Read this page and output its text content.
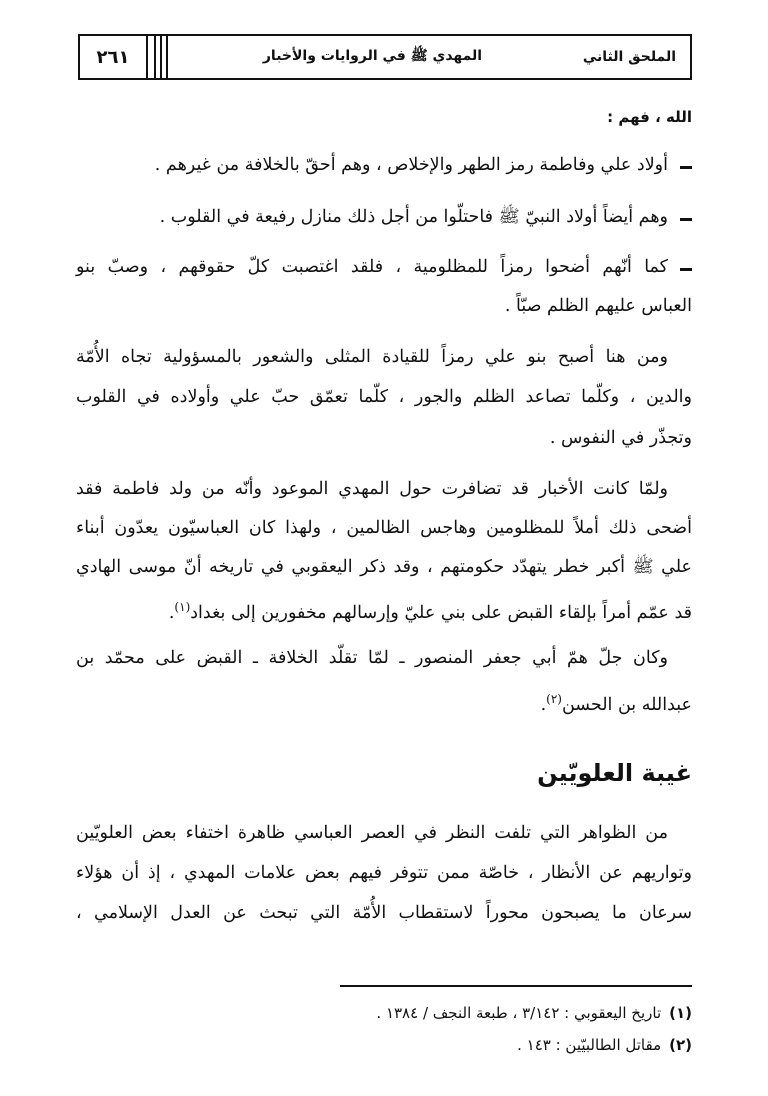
٢٦١	المهدي ﷺ في الروايات والأخبار	الملحق الثاني
الله ، فهم :
أولاد علي وفاطمة رمز الطهر والإخلاص ، وهم أحقّ بالخلافة من غيرهم .
وهم أيضاً أولاد النبيّ ﷺ فاحتلّوا من أجل ذلك منازل رفيعة في القلوب .
كما أنّهم أضحوا رمزاً للمظلومية ، فلقد اغتصبت كلّ حقوقهم ، وصبّ بنو
العباس عليهم الظلم صبّاً .
ومن هنا أصبح بنو علي رمزاً للقيادة المثلى والشعور بالمسؤولية تجاه الأُمّة
والدين ، وكلّما تصاعد الظلم والجور ، كلّما تعمّق حبّ علي وأولاده في القلوب
وتجذّر في النفوس .
ولمّا كانت الأخبار قد تضافرت حول المهدي الموعود وأنّه من ولد فاطمة فقد
أضحى ذلك أملاً للمظلومين وهاجس الظالمين ، ولهذا كان العباسيّون يعدّون أبناء
علي ﷺ أكبر خطر يتهدّد حكومتهم ، وقد ذكر اليعقوبي في تاريخه أنّ موسى الهادي
قد عمّم أمراً بإلقاء القبض على بني عليّ وإرسالهم مخفورين إلى بغداد$^{(١)}$.
وكان جلّ همّ أبي جعفر المنصور ـ لمّا تقلّد الخلافة ـ القبض على محمّد بن
عبدالله بن الحسن$^{(٢)}$.
غيبة العلويّين
من الظواهر التي تلفت النظر في العصر العباسي ظاهرة اختفاء بعض العلويّين
وتواريهم عن الأنظار ، خاصّة ممن تتوفر فيهم بعض علامات المهدي ، إذ أن هؤلاء
سرعان ما يصبحون محوراً لاستقطاب الأُمّة التي تبحث عن العدل الإسلامي ،
(١)تاريخ اليعقوبي : ٣/١٤٢ ، طبعة النجف / ١٣٨٤ .
(٢)مقاتل الطالبيّين : ١٤٣ .
